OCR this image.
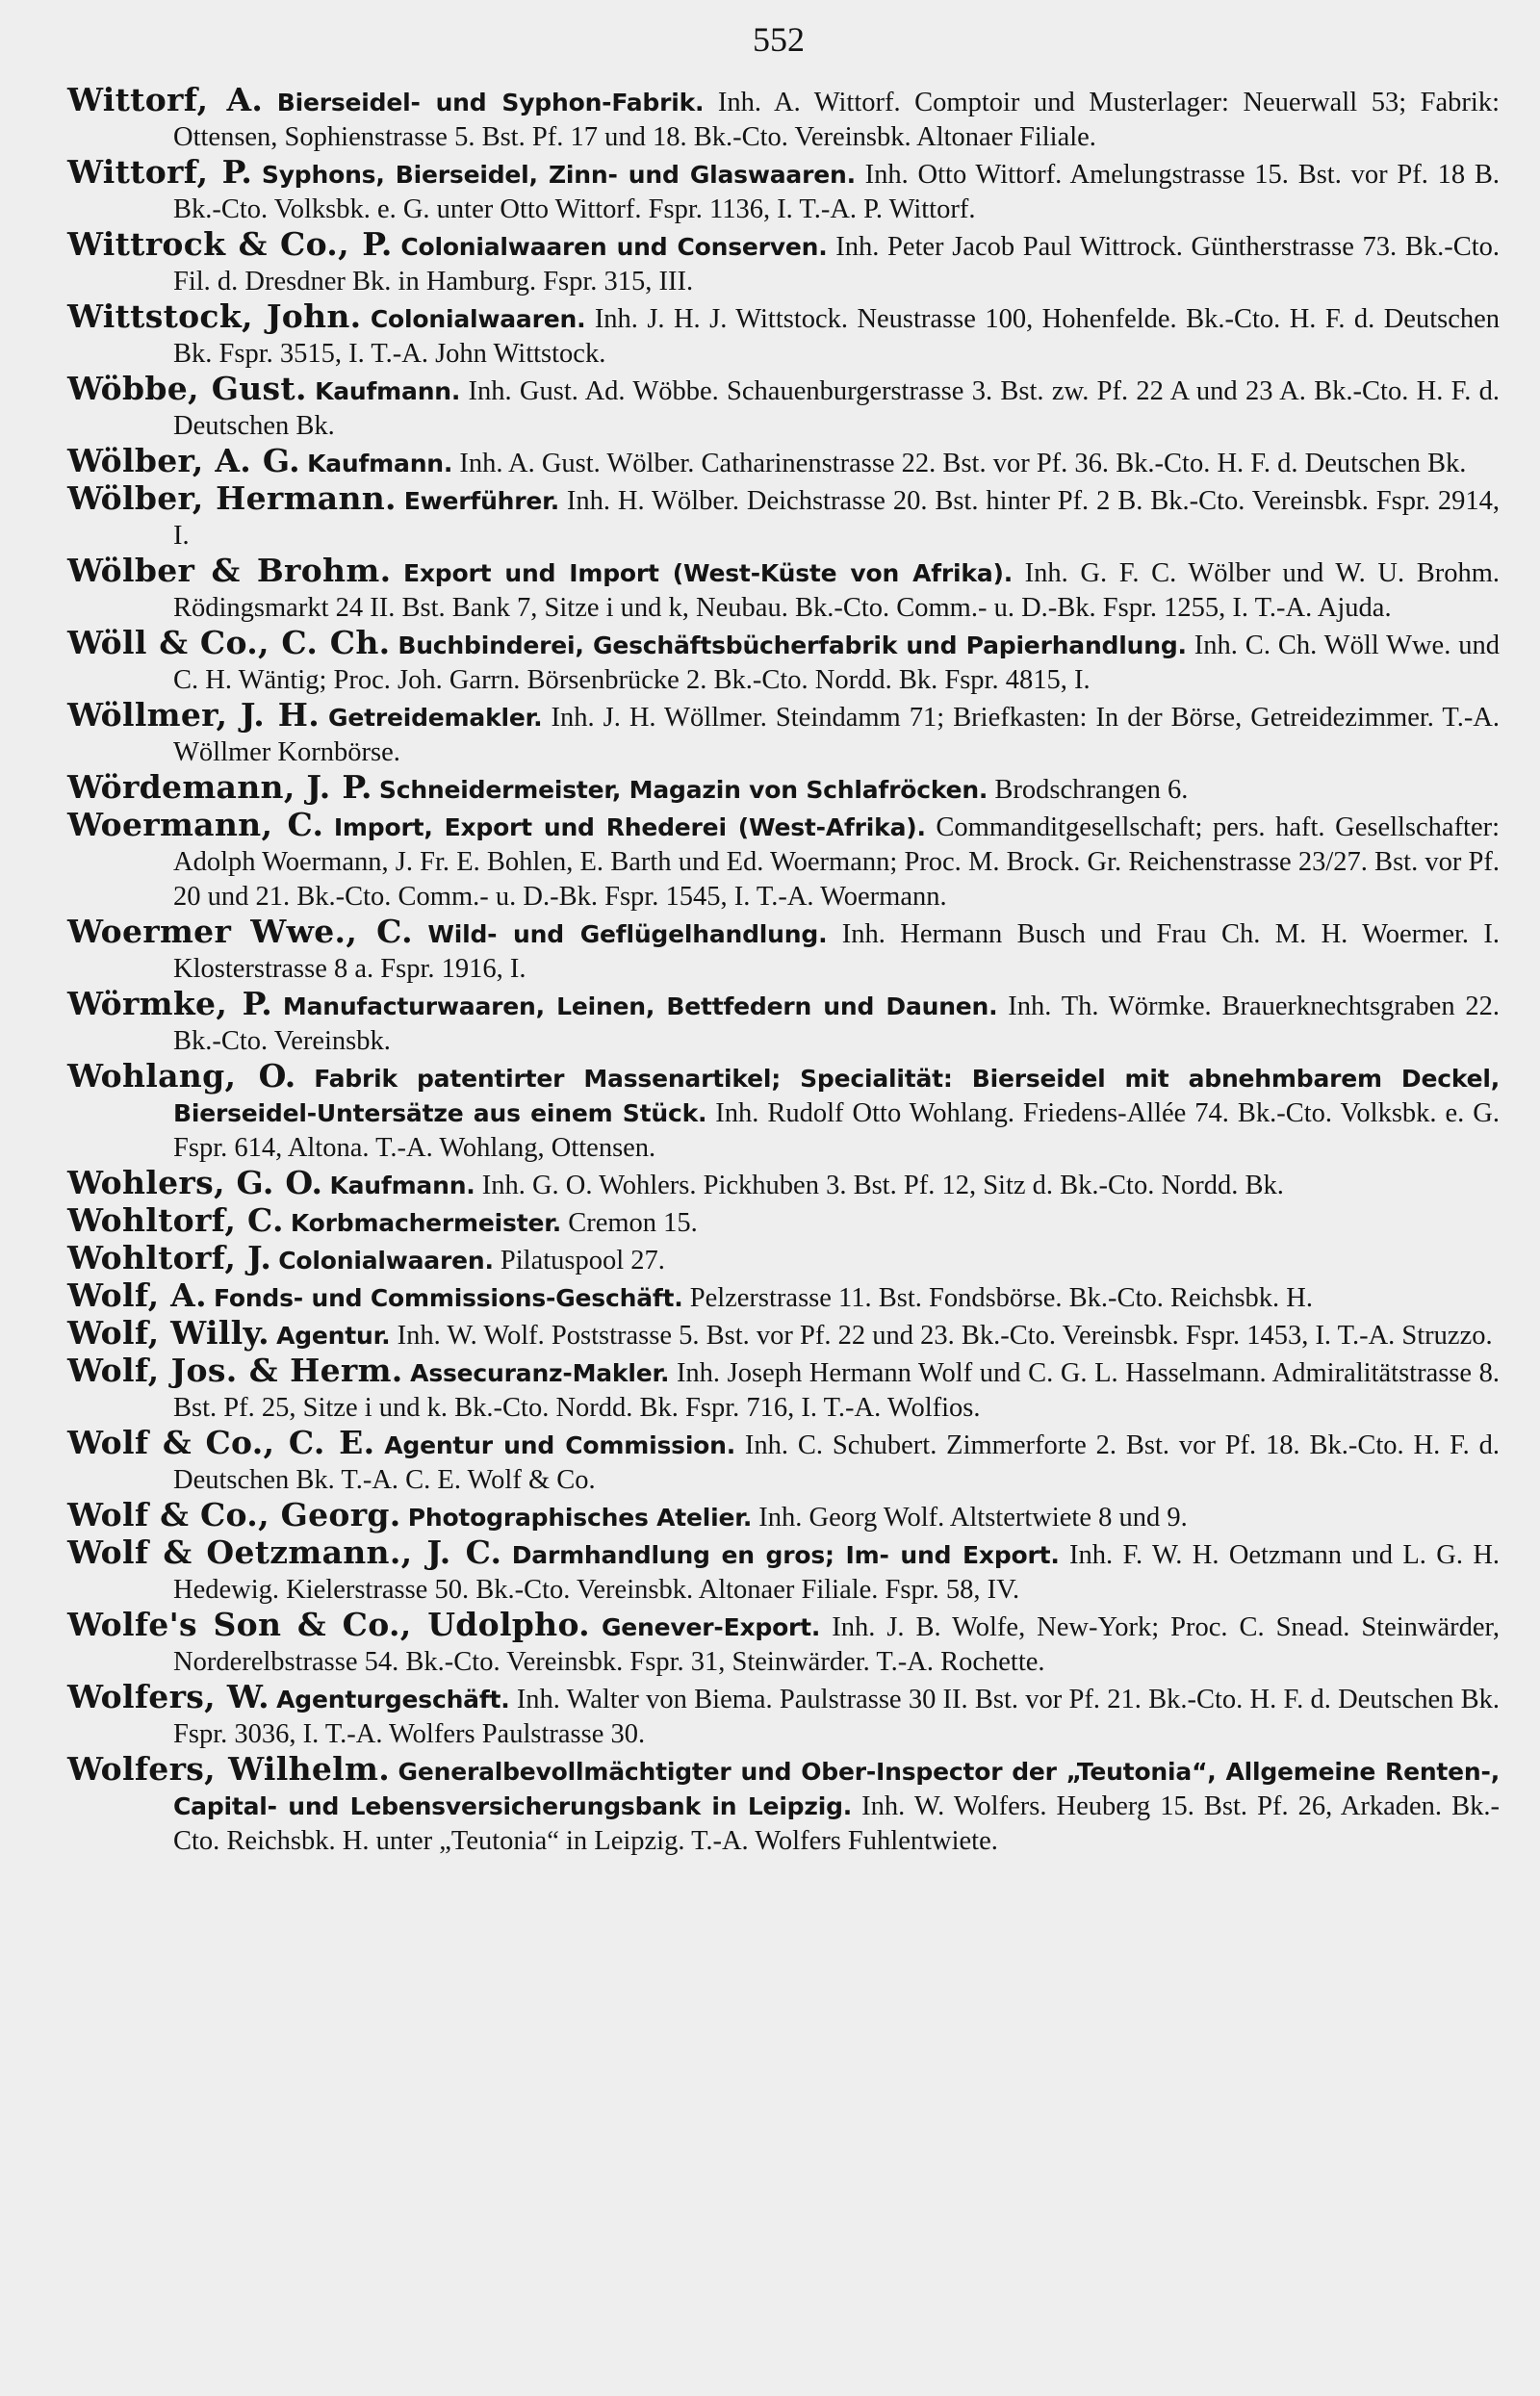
552

Wittorf, A. Bierseidel- und Syphon-Fabrik. Inh. A. Wittorf. Comptoir und Musterlager: Neuerwall 53; Fabrik: Ottensen, Sophienstrasse 5. Bst. Pf. 17 und 18. Bk.-Cto. Vereinsbk. Altonaer Filiale.

Wittorf, P. Syphons, Bierseidel, Zinn- und Glaswaaren. Inh. Otto Wittorf. Amelungstrasse 15. Bst. vor Pf. 18 B. Bk.-Cto. Volksbk. e. G. unter Otto Wittorf. Fspr. 1136, I. T.-A. P. Wittorf.

Wittrock & Co., P. Colonialwaaren und Conserven. Inh. Peter Jacob Paul Wittrock. Güntherstrasse 73. Bk.-Cto. Fil. d. Dresdner Bk. in Hamburg. Fspr. 315, III.

Wittstock, John. Colonialwaaren. Inh. J. H. J. Wittstock. Neustrasse 100, Hohenfelde. Bk.-Cto. H. F. d. Deutschen Bk. Fspr. 3515, I. T.-A. John Wittstock.

Wöbbe, Gust. Kaufmann. Inh. Gust. Ad. Wöbbe. Schauenburgerstrasse 3. Bst. zw. Pf. 22 A und 23 A. Bk.-Cto. H. F. d. Deutschen Bk.

Wölber, A. G. Kaufmann. Inh. A. Gust. Wölber. Catharinenstrasse 22. Bst. vor Pf. 36. Bk.-Cto. H. F. d. Deutschen Bk.

Wölber, Hermann. Ewerführer. Inh. H. Wölber. Deichstrasse 20. Bst. hinter Pf. 2 B. Bk.-Cto. Vereinsbk. Fspr. 2914, I.

Wölber & Brohm. Export und Import (West-Küste von Afrika). Inh. G. F. C. Wölber und W. U. Brohm. Rödingsmarkt 24 II. Bst. Bank 7, Sitze i und k, Neubau. Bk.-Cto. Comm.- u. D.-Bk. Fspr. 1255, I. T.-A. Ajuda.

Wöll & Co., C. Ch. Buchbinderei, Geschäftsbücherfabrik und Papierhandlung. Inh. C. Ch. Wöll Wwe. und C. H. Wäntig; Proc. Joh. Garrn. Börsenbrücke 2. Bk.-Cto. Nordd. Bk. Fspr. 4815, I.

Wöllmer, J. H. Getreidemakler. Inh. J. H. Wöllmer. Steindamm 71; Briefkasten: In der Börse, Getreidezimmer. T.-A. Wöllmer Kornbörse.

Wördemann, J. P. Schneidermeister, Magazin von Schlafröcken. Brodschrangen 6.

Woermann, C. Import, Export und Rhederei (West-Afrika). Commanditgesellschaft; pers. haft. Gesellschafter: Adolph Woermann, J. Fr. E. Bohlen, E. Barth und Ed. Woermann; Proc. M. Brock. Gr. Reichenstrasse 23/27. Bst. vor Pf. 20 und 21. Bk.-Cto. Comm.- u. D.-Bk. Fspr. 1545, I. T.-A. Woermann.

Woermer Wwe., C. Wild- und Geflügelhandlung. Inh. Hermann Busch und Frau Ch. M. H. Woermer. I. Klosterstrasse 8 a. Fspr. 1916, I.

Wörmke, P. Manufacturwaaren, Leinen, Bettfedern und Daunen. Inh. Th. Wörmke. Brauerknechtsgraben 22. Bk.-Cto. Vereinsbk.

Wohlang, O. Fabrik patentirter Massenartikel; Specialität: Bierseidel mit abnehmbarem Deckel, Bierseidel-Untersätze aus einem Stück. Inh. Rudolf Otto Wohlang. Friedens-Allée 74. Bk.-Cto. Volksbk. e. G. Fspr. 614, Altona. T.-A. Wohlang, Ottensen.

Wohlers, G. O. Kaufmann. Inh. G. O. Wohlers. Pickhuben 3. Bst. Pf. 12, Sitz d. Bk.-Cto. Nordd. Bk.

Wohltorf, C. Korbmachermeister. Cremon 15.

Wohltorf, J. Colonialwaaren. Pilatuspool 27.

Wolf, A. Fonds- und Commissions-Geschäft. Pelzerstrasse 11. Bst. Fondsbörse. Bk.-Cto. Reichsbk. H.

Wolf, Willy. Agentur. Inh. W. Wolf. Poststrasse 5. Bst. vor Pf. 22 und 23. Bk.-Cto. Vereinsbk. Fspr. 1453, I. T.-A. Struzzo.

Wolf, Jos. & Herm. Assecuranz-Makler. Inh. Joseph Hermann Wolf und C. G. L. Hasselmann. Admiralitätstrasse 8. Bst. Pf. 25, Sitze i und k. Bk.-Cto. Nordd. Bk. Fspr. 716, I. T.-A. Wolfios.

Wolf & Co., C. E. Agentur und Commission. Inh. C. Schubert. Zimmerforte 2. Bst. vor Pf. 18. Bk.-Cto. H. F. d. Deutschen Bk. T.-A. C. E. Wolf & Co.

Wolf & Co., Georg. Photographisches Atelier. Inh. Georg Wolf. Altstertwiete 8 und 9.

Wolf & Oetzmann., J. C. Darmhandlung en gros; Im- und Export. Inh. F. W. H. Oetzmann und L. G. H. Hedewig. Kielerstrasse 50. Bk.-Cto. Vereinsbk. Altonaer Filiale. Fspr. 58, IV.

Wolfe's Son & Co., Udolpho. Genever-Export. Inh. J. B. Wolfe, New-York; Proc. C. Snead. Steinwärder, Norderelbstrasse 54. Bk.-Cto. Vereinsbk. Fspr. 31, Steinwärder. T.-A. Rochette.

Wolfers, W. Agenturgeschäft. Inh. Walter von Biema. Paulstrasse 30 II. Bst. vor Pf. 21. Bk.-Cto. H. F. d. Deutschen Bk. Fspr. 3036, I. T.-A. Wolfers Paulstrasse 30.

Wolfers, Wilhelm. Generalbevollmächtigter und Ober-Inspector der „Teutonia“, Allgemeine Renten-, Capital- und Lebensversicherungsbank in Leipzig. Inh. W. Wolfers. Heuberg 15. Bst. Pf. 26, Arkaden. Bk.-Cto. Reichsbk. H. unter „Teutonia“ in Leipzig. T.-A. Wolfers Fuhlentwiete.
